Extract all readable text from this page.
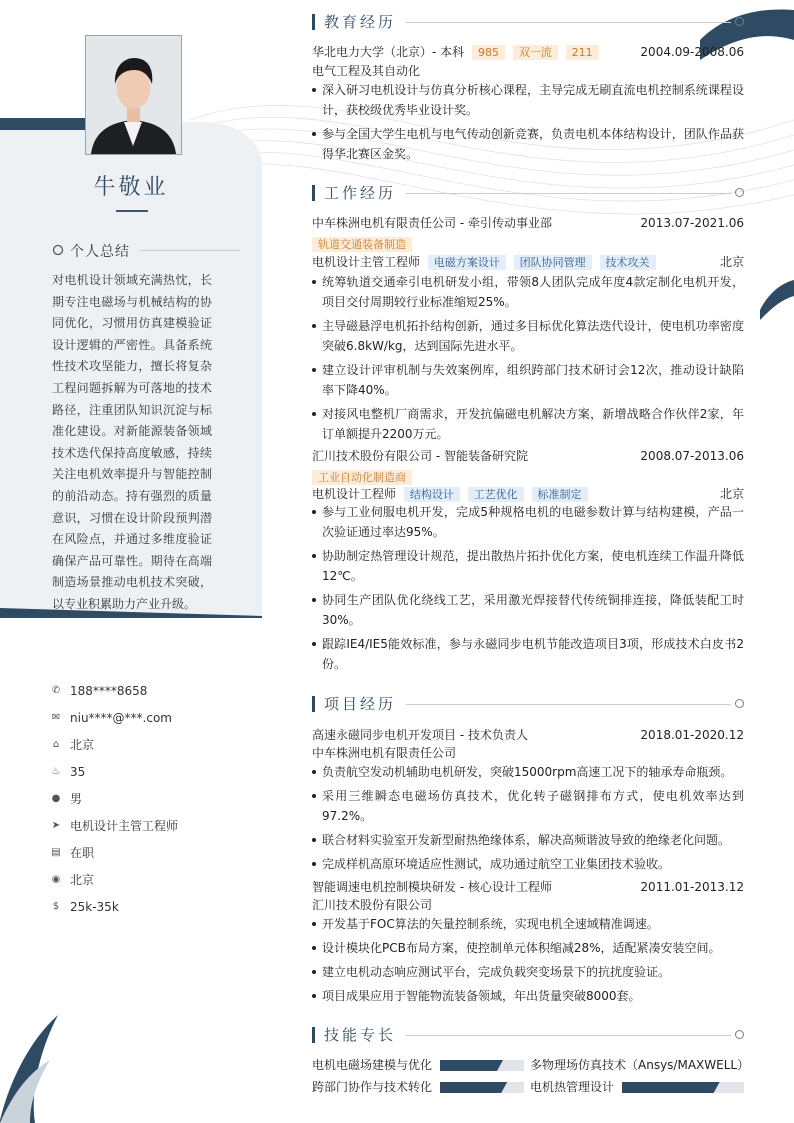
牛敬业
个人总结
对电机设计领域充满热忱，长期专注电磁场与机械结构的协同优化，习惯用仿真建模验证设计逻辑的严密性。具备系统性技术攻坚能力，擅长将复杂工程问题拆解为可落地的技术路径，注重团队知识沉淀与标准化建设。对新能源装备领域技术迭代保持高度敏感，持续关注电机效率提升与智能控制的前沿动态。持有强烈的质量意识，习惯在设计阶段预判潜在风险点，并通过多维度验证确保产品可靠性。期待在高端制造场景推动电机技术突破，以专业积累助力产业升级。
✆ 188****8658
✉ niu****@***.com
⌂ 北京
♨ 35
● 男
➤ 电机设计主管工程师
▤ 在职
◉ 北京
$ 25k-35k
教育经历
华北电力大学（北京）- 本科 985 双一流 211	2004.09-2008.06
电气工程及其自动化
深入研习电机设计与仿真分析核心课程，主导完成无刷直流电机控制系统课程设计，获校级优秀毕业设计奖。
参与全国大学生电机与电气传动创新竞赛，负责电机本体结构设计，团队作品获得华北赛区金奖。
工作经历
中车株洲电机有限责任公司 - 牵引传动事业部	2013.07-2021.06
轨道交通装备制造
电机设计主管工程师 电磁方案设计 团队协同管理 技术攻关	北京
统筹轨道交通牵引电机研发小组，带领8人团队完成年度4款定制化电机开发，项目交付周期较行业标准缩短25%。
主导磁悬浮电机拓扑结构创新，通过多目标优化算法迭代设计，使电机功率密度突破6.8kW/kg，达到国际先进水平。
建立设计评审机制与失效案例库，组织跨部门技术研讨会12次，推动设计缺陷率下降40%。
对接风电整机厂商需求，开发抗偏磁电机解决方案，新增战略合作伙伴2家，年订单额提升2200万元。
汇川技术股份有限公司 - 智能装备研究院	2008.07-2013.06
工业自动化制造商
电机设计工程师 结构设计 工艺优化 标准制定	北京
参与工业伺服电机开发，完成5种规格电机的电磁参数计算与结构建模，产品一次验证通过率达95%。
协助制定热管理设计规范，提出散热片拓扑优化方案，使电机连续工作温升降低12℃。
协同生产团队优化绕线工艺，采用激光焊接替代传统铜排连接，降低装配工时30%。
跟踪IE4/IE5能效标准，参与永磁同步电机节能改造项目3项，形成技术白皮书2份。
项目经历
高速永磁同步电机开发项目 - 技术负责人	2018.01-2020.12
中车株洲电机有限责任公司
负责航空发动机辅助电机研发，突破15000rpm高速工况下的轴承寿命瓶颈。
采用三维瞬态电磁场仿真技术，优化转子磁钢排布方式，使电机效率达到97.2%。
联合材料实验室开发新型耐热绝缘体系，解决高频谐波导致的绝缘老化问题。
完成样机高原环境适应性测试，成功通过航空工业集团技术验收。
智能调速电机控制模块研发 - 核心设计工程师	2011.01-2013.12
汇川技术股份有限公司
开发基于FOC算法的矢量控制系统，实现电机全速域精准调速。
设计模块化PCB布局方案，使控制单元体积缩减28%，适配紧凑安装空间。
建立电机动态响应测试平台，完成负载突变场景下的抗扰度验证。
项目成果应用于智能物流装备领域，年出货量突破8000套。
技能专长
电机电磁场建模与优化	多物理场仿真技术（Ansys/MAXWELL）
跨部门协作与技术转化	电机热管理设计
